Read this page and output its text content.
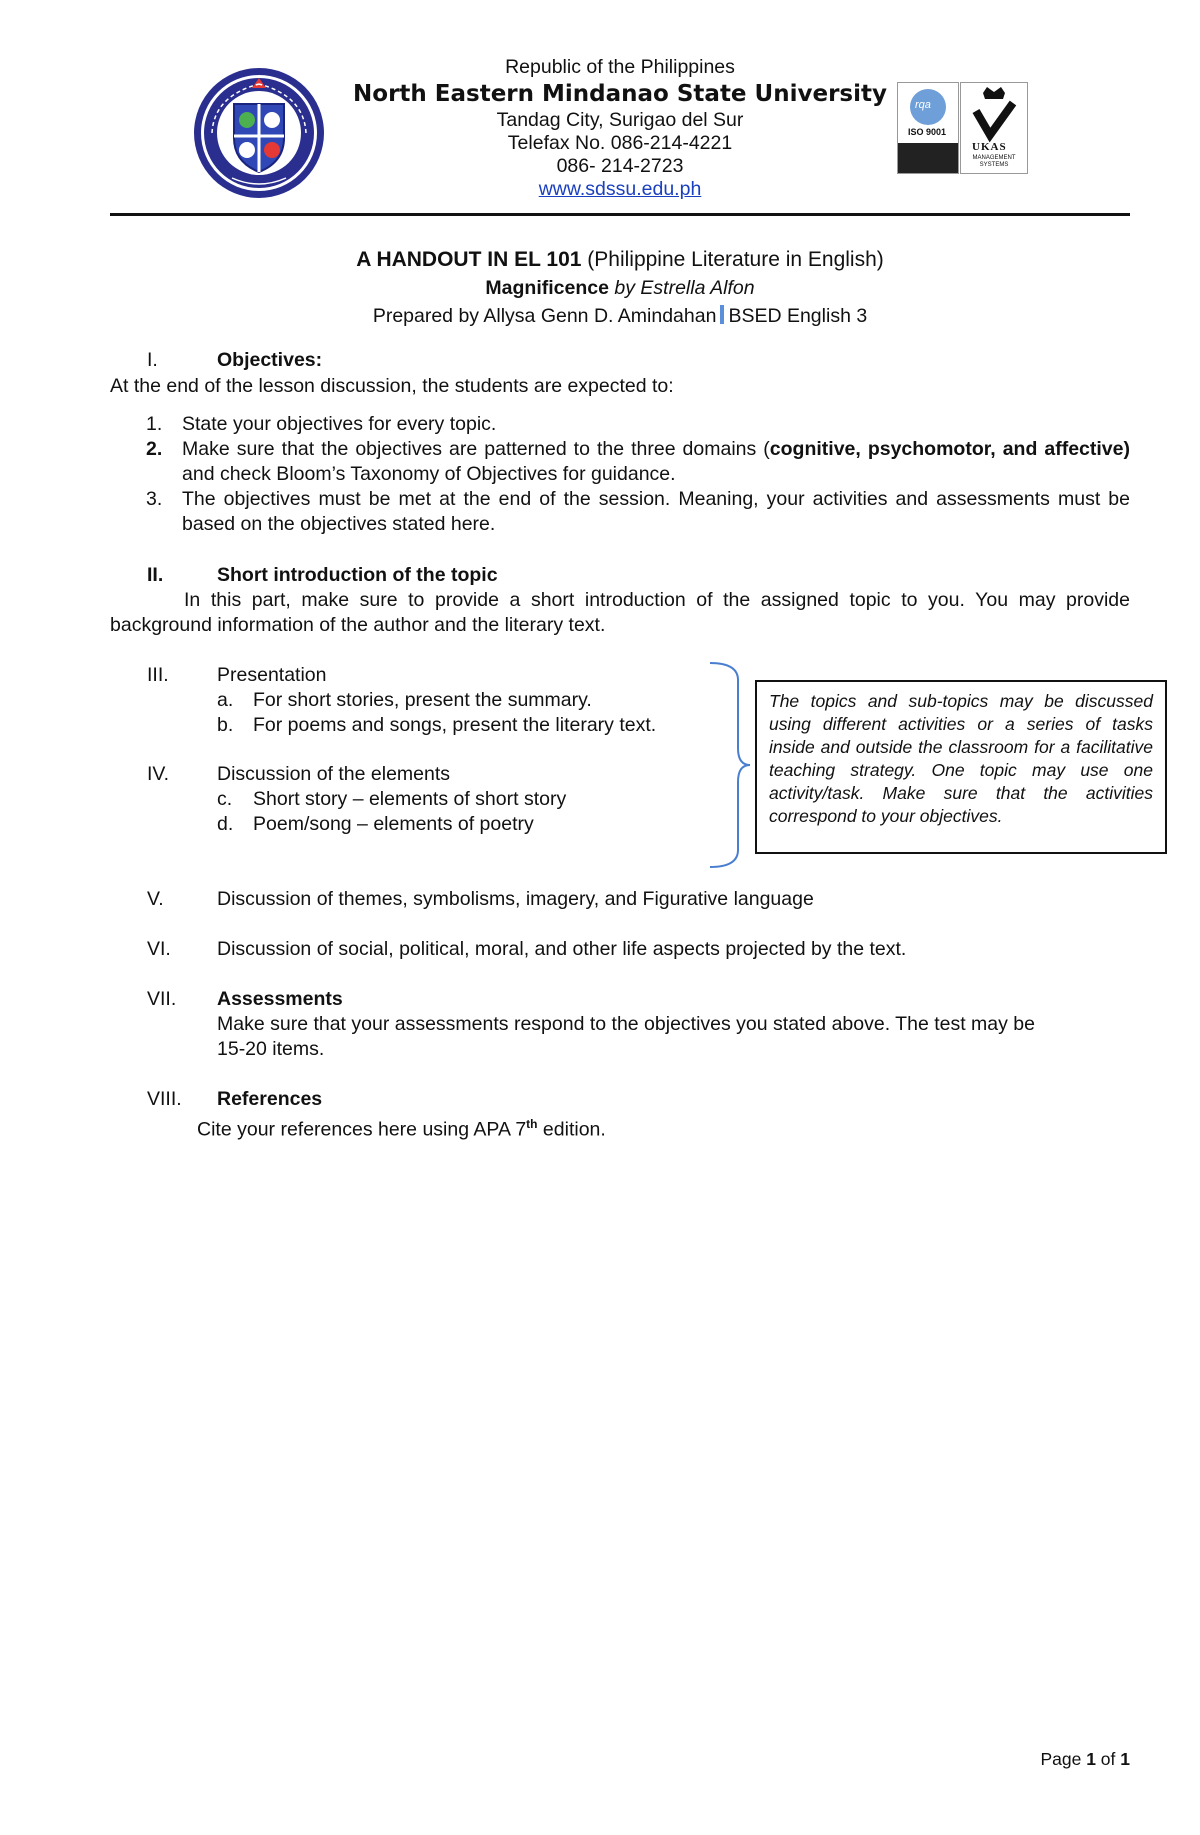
rqa
ISO 9001
UKAS
MANAGEMENT SYSTEMS
Republic of the Philippines
North Eastern Mindanao State University
Tandag City, Surigao del Sur
Telefax No. 086-214-4221
086- 214-2723
www.sdssu.edu.ph
A HANDOUT IN EL 101 (Philippine Literature in English)
Magnificence by Estrella Alfon
Prepared by Allysa Genn D. Amindahan BSED English 3
I.	Objectives:
At the end of the lesson discussion, the students are expected to:
1. State your objectives for every topic.
2. Make sure that the objectives are patterned to the three domains (cognitive, psychomotor, and affective) and check Bloom’s Taxonomy of Objectives for guidance.
3. The objectives must be met at the end of the session. Meaning, your activities and assessments must be based on the objectives stated here.
II.	Short introduction of the topic
In this part, make sure to provide a short introduction of the assigned topic to you. You may provide
background information of the author and the literary text.
III. Presentation
a. For short stories, present the summary.
b. For poems and songs, present the literary text.
IV. Discussion of the elements
c. Short story – elements of short story
d. Poem/song – elements of poetry
The topics and sub-topics may be discussed using different activities or a series of tasks inside and outside the classroom for a facilitative teaching strategy. One topic may use one activity/task. Make sure that the activities correspond to your objectives.
V.	Discussion of themes, symbolisms, imagery, and Figurative language
VI. Discussion of social, political, moral, and other life aspects projected by the text.
VII. Assessments
Make sure that your assessments respond to the objectives you stated above. The test may be
15-20 items.
VIII. References
Cite your references here using APA 7th edition.
Page 1 of 1
